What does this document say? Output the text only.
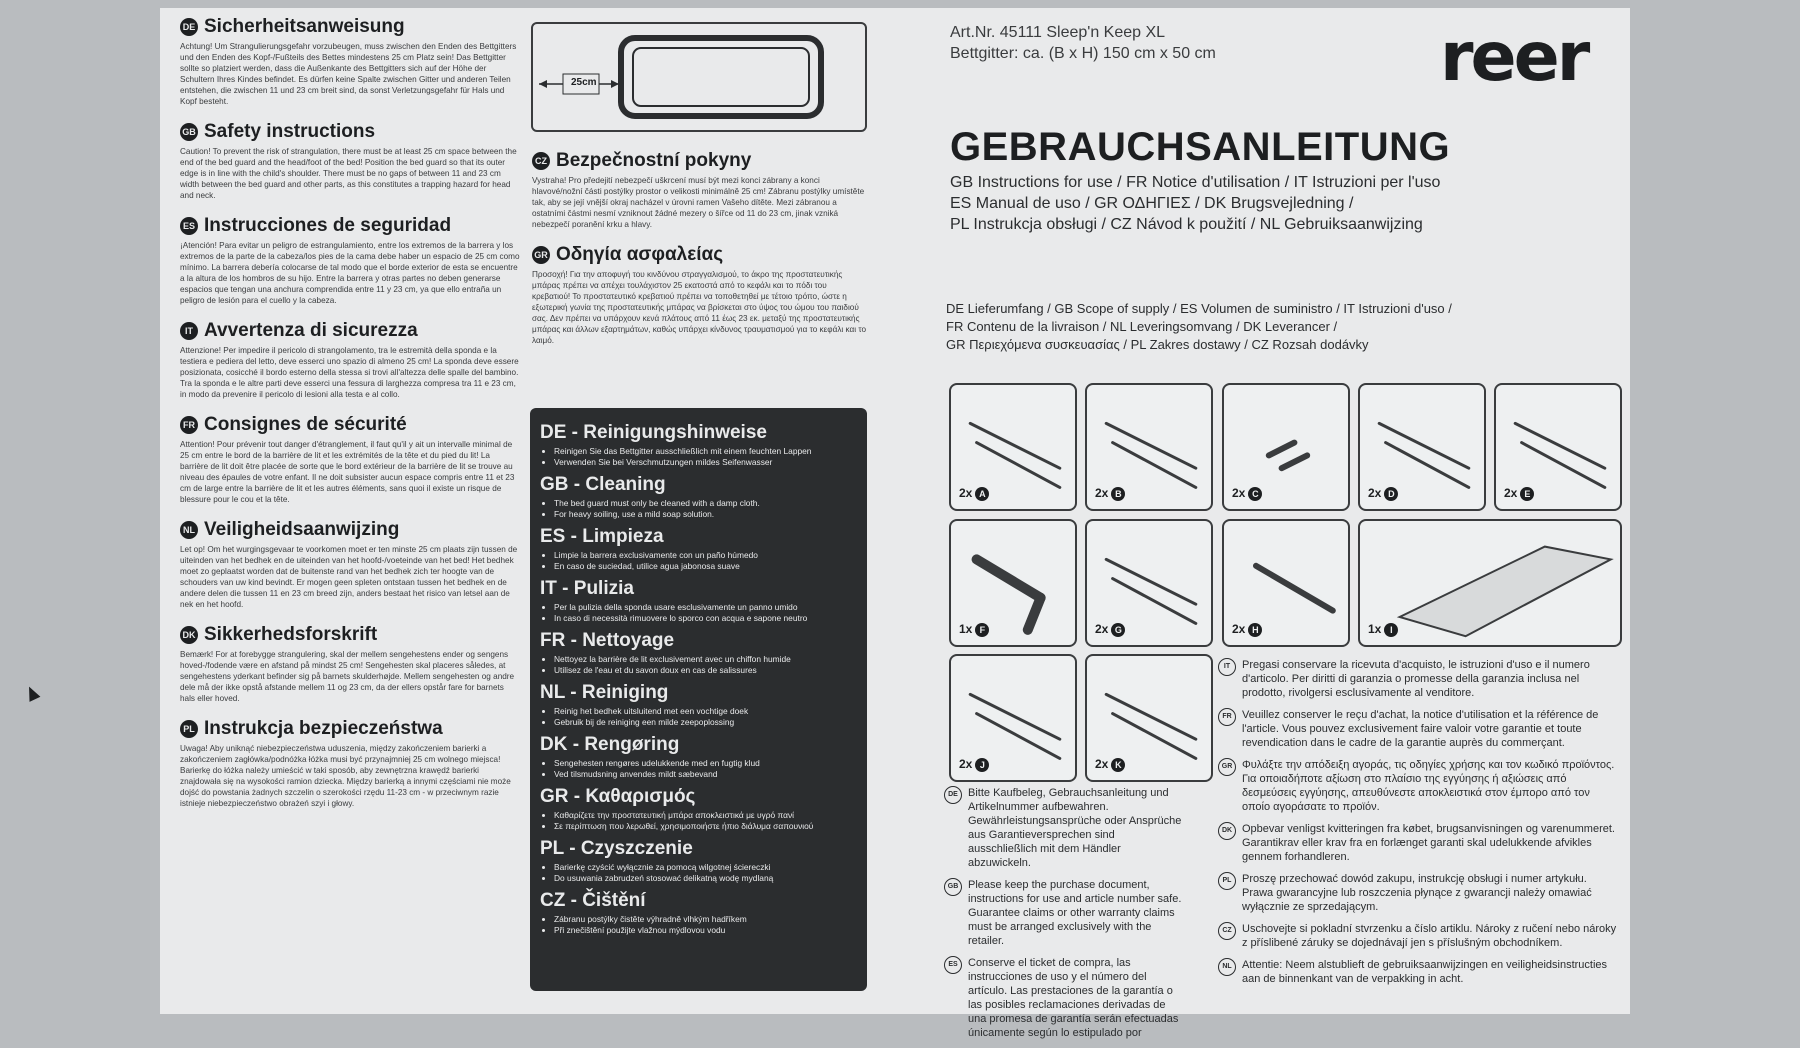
DE Sicherheitsanweisung
Achtung! Um Strangulierungsgefahr vorzubeugen, muss zwischen den Enden des Bettgitters und den Enden des Kopf-/Fußteils des Bettes mindestens 25 cm Platz sein! Das Bettgitter sollte so platziert werden, dass die Außenkante des Bettgitters sich auf der Höhe der Schultern Ihres Kindes befindet. Es dürfen keine Spalte zwischen Gitter und anderen Teilen entstehen, die zwischen 11 und 23 cm breit sind, da sonst Verletzungsgefahr für Hals und Kopf besteht.
GB Safety instructions
Caution! To prevent the risk of strangulation, there must be at least 25 cm space between the end of the bed guard and the head/foot of the bed! Position the bed guard so that its outer edge is in line with the child's shoulder. There must be no gaps of between 11 and 23 cm width between the bed guard and other parts, as this constitutes a trapping hazard for head and neck.
ES Instrucciones de seguridad
¡Atención! Para evitar un peligro de estrangulamiento, entre los extremos de la barrera y los extremos de la parte de la cabeza/los pies de la cama debe haber un espacio de 25 cm como mínimo. La barrera debería colocarse de tal modo que el borde exterior de esta se encuentre a la altura de los hombros de su hijo. Entre la barrera y otras partes no deben generarse espacios que tengan una anchura comprendida entre 11 y 23 cm, ya que ello entraña un peligro de lesión para el cuello y la cabeza.
IT Avvertenza di sicurezza
Attenzione! Per impedire il pericolo di strangolamento, tra le estremità della sponda e la testiera e pediera del letto, deve esserci uno spazio di almeno 25 cm! La sponda deve essere posizionata, cosicché il bordo esterno della stessa si trovi all'altezza delle spalle del bambino. Tra la sponda e le altre parti deve esserci una fessura di larghezza compresa tra 11 e 23 cm, in modo da prevenire il pericolo di lesioni alla testa e al collo.
FR Consignes de sécurité
Attention! Pour prévenir tout danger d'étranglement, il faut qu'il y ait un intervalle minimal de 25 cm entre le bord de la barrière de lit et les extrémités de la tête et du pied du lit! La barrière de lit doit être placée de sorte que le bord extérieur de la barrière de lit se trouve au niveau des épaules de votre enfant. Il ne doit subsister aucun espace compris entre 11 et 23 cm de large entre la barrière de lit et les autres éléments, sans quoi il existe un risque de blessure pour le cou et la tête.
NL Veiligheidsaanwijzing
Let op! Om het wurgingsgevaar te voorkomen moet er ten minste 25 cm plaats zijn tussen de uiteinden van het bedhek en de uiteinden van het hoofd-/voeteinde van het bed! Het bedhek moet zo geplaatst worden dat de buitenste rand van het bedhek zich ter hoogte van de schouders van uw kind bevindt. Er mogen geen spleten ontstaan tussen het bedhek en de andere delen die tussen 11 en 23 cm breed zijn, anders bestaat het risico van letsel aan de nek en het hoofd.
DK Sikkerhedsforskrift
Bemærk! For at forebygge strangulering, skal der mellem sengehestens ender og sengens hoved-/fodende være en afstand på mindst 25 cm! Sengehesten skal placeres således, at sengehestens yderkant befinder sig på barnets skulderhøjde. Mellem sengehesten og andre dele må der ikke opstå afstande mellem 11 og 23 cm, da der ellers opstår fare for barnets hals eller hoved.
PL Instrukcja bezpieczeństwa
Uwaga! Aby uniknąć niebezpieczeństwa uduszenia, między zakończeniem barierki a zakończeniem zagłówka/podnóżka łóżka musi być przynajmniej 25 cm wolnego miejsca! Barierkę do łóżka należy umieścić w taki sposób, aby zewnętrzna krawędź barierki znajdowała się na wysokości ramion dziecka. Między barierką a innymi częściami nie może dojść do powstania żadnych szczelin o szerokości rzędu 11-23 cm - w przeciwnym razie istnieje niebezpieczeństwo obrażeń szyi i głowy.
25cm
CZ Bezpečnostní pokyny
Vystraha! Pro předejití nebezpečí uškrcení musí být mezi konci zábrany a konci hlavové/nožní části postýlky prostor o velikosti minimálně 25 cm! Zábranu postýlky umístěte tak, aby se její vnější okraj nacházel v úrovni ramen Vašeho dítěte. Mezi zábranou a ostatními částmi nesmí vzniknout žádné mezery o šířce od 11 do 23 cm, jinak vzniká nebezpečí poranění krku a hlavy.
GR Οδηγία ασφαλείας
Προσοχή! Για την αποφυγή του κινδύνου στραγγαλισμού, το άκρο της προστατευτικής μπάρας πρέπει να απέχει τουλάχιστον 25 εκατοστά από το κεφάλι και το πόδι του κρεβατιού! Το προστατευτικό κρεβατιού πρέπει να τοποθετηθεί με τέτοιο τρόπο, ώστε η εξωτερική γωνία της προστατευτικής μπάρας να βρίσκεται στο ύψος του ώμου του παιδιού σας. Δεν πρέπει να υπάρχουν κενά πλάτους από 11 έως 23 εκ. μεταξύ της προστατευτικής μπάρας και άλλων εξαρτημάτων, καθώς υπάρχει κίνδυνος τραυματισμού για το κεφάλι και το λαιμό.
DE - Reinigungshinweise
• Reinigen Sie das Bettgitter ausschließlich mit einem feuchten Lappen
• Verwenden Sie bei Verschmutzungen mildes Seifenwasser
GB - Cleaning
• The bed guard must only be cleaned with a damp cloth.
• For heavy soiling, use a mild soap solution.
ES - Limpieza
• Limpie la barrera exclusivamente con un paño húmedo
• En caso de suciedad, utilice agua jabonosa suave
IT - Pulizia
• Per la pulizia della sponda usare esclusivamente un panno umido
• In caso di necessità rimuovere lo sporco con acqua e sapone neutro
FR - Nettoyage
• Nettoyez la barrière de lit exclusivement avec un chiffon humide
• Utilisez de l'eau et du savon doux en cas de salissures
NL - Reiniging
• Reinig het bedhek uitsluitend met een vochtige doek
• Gebruik bij de reiniging een milde zeepoplossing
DK - Rengøring
• Sengehesten rengøres udelukkende med en fugtig klud
• Ved tilsmudsning anvendes mildt sæbevand
GR - Καθαρισμός
• Καθαρίζετε την προστατευτική μπάρα αποκλειστικά με υγρό πανί
• Σε περίπτωση που λερωθεί, χρησιμοποιήστε ήπιο διάλυμα σαπουνιού
PL - Czyszczenie
• Barierkę czyścić wyłącznie za pomocą wilgotnej ściereczki
• Do usuwania zabrudzeń stosować delikatną wodę mydlaną
CZ - Čištění
• Zábranu postýlky čistěte výhradně vlhkým hadříkem
• Při znečištění použijte vlažnou mýdlovou vodu
Art.Nr. 45111 Sleep'n Keep XL
Bettgitter: ca. (B x H) 150 cm x 50 cm	reer
GEBRAUCHSANLEITUNG
GB Instructions for use / FR Notice d'utilisation / IT Istruzioni per l'uso
ES Manual de uso / GR ΟΔΗΓΙΕΣ / DK Brugsvejledning /
PL Instrukcja obsługi / CZ Návod k použití / NL Gebruiksaanwijzing
DE Lieferumfang / GB Scope of supply / ES Volumen de suministro / IT Istruzioni d'uso /
FR Contenu de la livraison / NL Leveringsomvang / DK Leverancer /
GR Περιεχόμενα συσκευασίας / PL Zakres dostawy / CZ Rozsah dodávky
2x A	2x B	2x C	2x D	2x E
1x F	2x G	2x H	1x I
2x J	2x K
DE Bitte Kaufbeleg, Gebrauchsanleitung und Artikelnummer aufbewahren. Gewährleistungsansprüche oder Ansprüche aus Garantieversprechen sind ausschließlich mit dem Händler abzuwickeln.
GB Please keep the purchase document, instructions for use and article number safe. Guarantee claims or other warranty claims must be arranged exclusively with the retailer.
ES Conserve el ticket de compra, las instrucciones de uso y el número del artículo. Las prestaciones de la garantía o las posibles reclamaciones derivadas de una promesa de garantía serán efectuadas únicamente según lo estipulado por
IT	Pregasi conservare la ricevuta d'acquisto, le istruzioni d'uso e il numero d'articolo. Per diritti di garanzia o promesse della garanzia inclusa nel prodotto, rivolgersi esclusivamente al venditore.
FR Veuillez conserver le reçu d'achat, la notice d'utilisation et la référence de l'article. Vous pouvez exclusivement faire valoir votre garantie et toute revendication dans le cadre de la garantie auprès du commerçant.
GR Φυλάξτε την απόδειξη αγοράς, τις οδηγίες χρήσης και τον κωδικό προϊόντος. Για οποιαδήποτε αξίωση στο πλαίσιο της εγγύησης ή αξιώσεις από δεσμεύσεις εγγύησης, απευθύνεστε αποκλειστικά στον έμπορο από τον οποίο αγοράσατε το προϊόν.
DK Opbevar venligst kvitteringen fra købet, brugsanvisningen og varenummeret. Garantikrav eller krav fra en forlænget garanti skal udelukkende afvikles gennem forhandleren.
PL Proszę przechować dowód zakupu, instrukcję obsługi i numer artykułu. Prawa gwarancyjne lub roszczenia płynące z gwarancji należy omawiać wyłącznie ze sprzedającym.
CZ Uschovejte si pokladní stvrzenku a číslo artiklu. Nároky z ručení nebo nároky z příslibené záruky se dojednávají jen s příslušným obchodníkem.
NL Attentie: Neem alstublieft de gebruiksaanwijzingen en veiligheidsinstructies aan de binnenkant van de verpakking in acht.
